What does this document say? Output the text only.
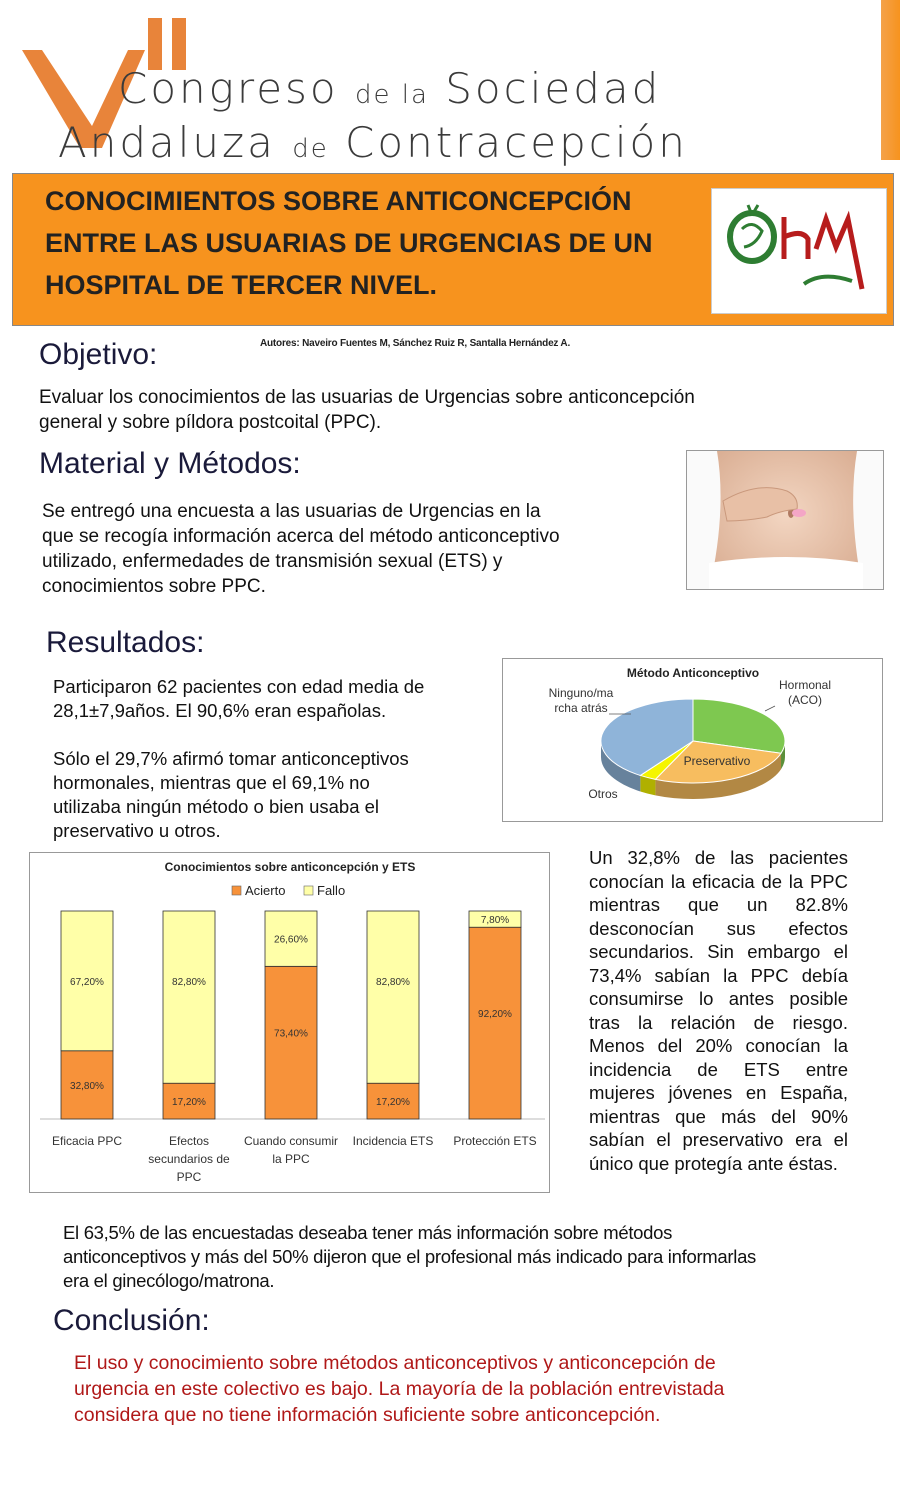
Congreso de la Sociedad
Andaluza de Contracepción
CONOCIMIENTOS SOBRE ANTICONCEPCIÓN
ENTRE LAS USUARIAS DE URGENCIAS DE UN
HOSPITAL DE TERCER NIVEL.
Autores: Naveiro Fuentes M, Sánchez Ruiz R, Santalla Hernández A.
Objetivo:
Evaluar los conocimientos de las usuarias de Urgencias sobre anticoncepción
general y sobre píldora postcoital (PPC).
Material y Métodos:
Se entregó una encuesta a las usuarias de Urgencias en la
que se recogía información acerca del método anticonceptivo
utilizado, enfermedades de transmisión sexual (ETS) y
conocimientos sobre PPC.
Resultados:
Participaron 62 pacientes con edad media de
28,1±7,9años. El 90,6% eran españolas.
Sólo el 29,7% afirmó tomar anticonceptivos
hormonales, mientras que el 69,1% no
utilizaba ningún método o bien usaba el
preservativo u otros.
Método Anticonceptivo
Hormonal (ACO)
Preservativo
Otros
Ninguno/ma rcha atrás
Conocimientos sobre anticoncepción y ETS
Acierto Fallo
32,80%
67,20%
Eficacia PPC
17,20%
82,80%
Efectos secundarios de PPC
73,40%
26,60%
Cuando consumir la PPC
17,20%
82,80%
Incidencia ETS
92,20%
7,80%
Protección ETS
Un 32,8% de las pacientes conocían la eficacia de la PPC mientras que un 82.8% desconocían sus efectos secundarios. Sin embargo el 73,4% sabían la PPC debía consumirse lo antes posible tras la relación de riesgo. Menos del 20% conocían la incidencia de ETS entre mujeres jóvenes en España, mientras que más del 90% sabían el preservativo era el único que protegía ante éstas.
El 63,5% de las encuestadas deseaba tener más información sobre métodos
anticonceptivos y más del 50% dijeron que el profesional más indicado para informarlas
era el ginecólogo/matrona.
Conclusión:
El uso y conocimiento sobre métodos anticonceptivos y anticoncepción de
urgencia en este colectivo es bajo. La mayoría de la población entrevistada
considera que no tiene información suficiente sobre anticoncepción.
